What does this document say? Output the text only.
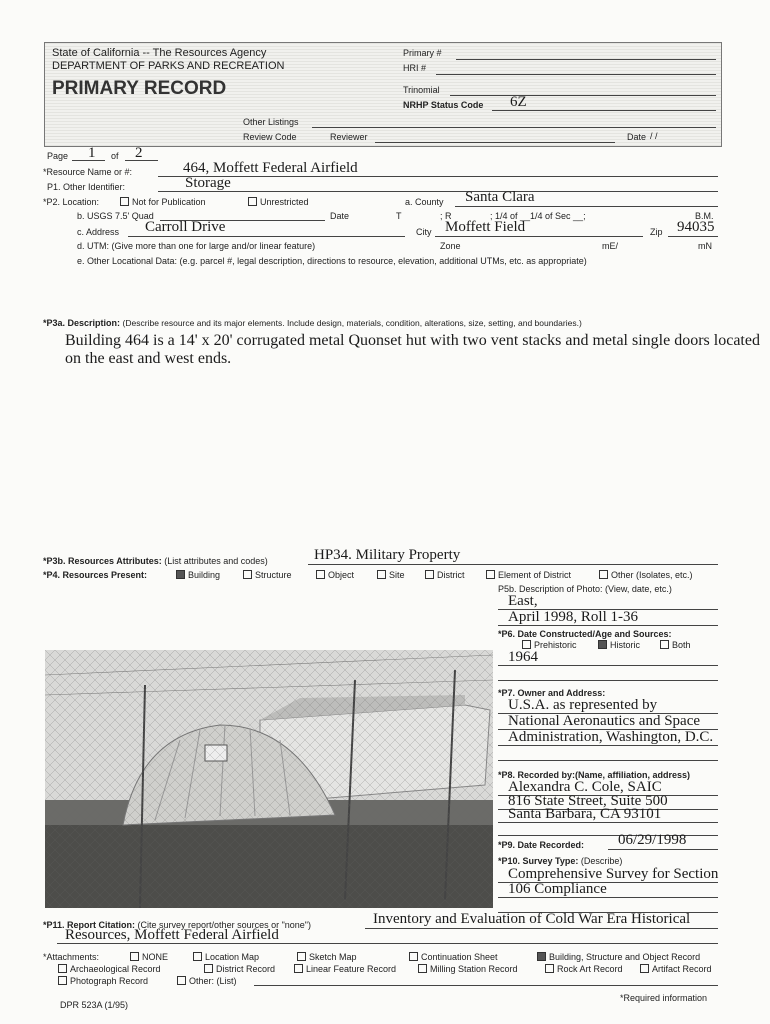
State of California -- The Resources Agency
DEPARTMENT OF PARKS AND RECREATION
PRIMARY RECORD
Primary #
HRI #
Trinomial
NRHP Status Code 6Z
Other Listings
Review Code	Reviewer	Date / /
Page 1 of 2
*Resource Name or #:	464, Moffett Federal Airfield
P1. Other Identifier:	Storage
*P2. Location:	Not for Publication	Unrestricted	a. County Santa Clara
b. USGS 7.5' Quad	Date	T	; R	; 1/4 of __1/4 of Sec __;	B.M.
c. Address Carroll Drive	City Moffett Field	Zip 94035
d. UTM: (Give more than one for large and/or linear feature)	Zone	mE/	mN
e. Other Locational Data: (e.g. parcel #, legal description, directions to resource, elevation, additional UTMs, etc. as appropriate)
*P3a. Description: (Describe resource and its major elements. Include design, materials, condition, alterations, size, setting, and boundaries.)
Building 464 is a 14' x 20' corrugated metal Quonset hut with two vent stacks and metal single doors located
on the east and west ends.
*P3b. Resources Attributes: (List attributes and codes)	HP34. Military Property
*P4. Resources Present:	Building	Structure	Object	Site	District	Element of District	Other (Isolates, etc.)
P5b. Description of Photo: (View, date, etc.)
East,
April 1998, Roll 1-36
*P6. Date Constructed/Age and Sources:
Prehistoric	Historic	Both
1964
*P7. Owner and Address:
U.S.A. as represented by
National Aeronautics and Space
Administration, Washington, D.C.
*P8. Recorded by:(Name, affiliation, address)
Alexandra C. Cole, SAIC
816 State Street, Suite 500
Santa Barbara, CA 93101
*P9. Date Recorded: 06/29/1998
*P10. Survey Type: (Describe)
Comprehensive Survey for Section
106 Compliance
*P11. Report Citation: (Cite survey report/other sources or "none")	Inventory and Evaluation of Cold War Era Historical
Resources, Moffett Federal Airfield
*Attachments:	NONE	Location Map	Sketch Map	Continuation Sheet	Building, Structure and Object Record
Archaeological Record	District Record	Linear Feature Record	Milling Station Record	Rock Art Record	Artifact Record
Photograph Record	Other: (List)
DPR 523A (1/95)
*Required information
